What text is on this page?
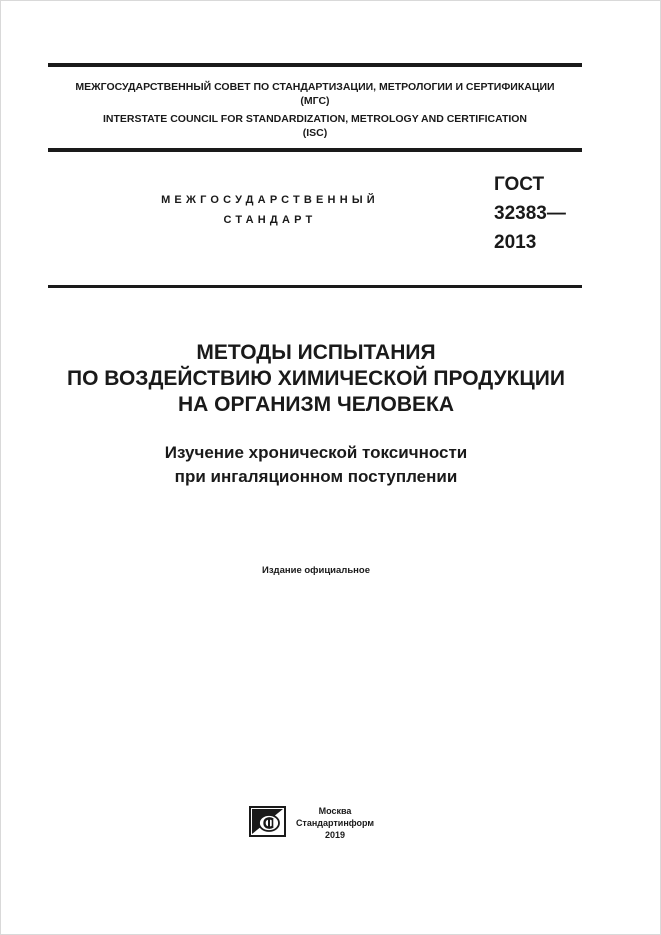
МЕЖГОСУДАРСТВЕННЫЙ СОВЕТ ПО СТАНДАРТИЗАЦИИ, МЕТРОЛОГИИ И СЕРТИФИКАЦИИ
(МГС)
INTERSTATE COUNCIL FOR STANDARDIZATION, METROLOGY AND CERTIFICATION
(ISC)
МЕЖГОСУДАРСТВЕННЫЙ
СТАНДАРТ
ГОСТ
32383—
2013
МЕТОДЫ ИСПЫТАНИЯ
ПО ВОЗДЕЙСТВИЮ ХИМИЧЕСКОЙ ПРОДУКЦИИ
НА ОРГАНИЗМ ЧЕЛОВЕКА
Изучение хронической токсичности
при ингаляционном поступлении
Издание официальное
Москва
Стандартинформ
2019
